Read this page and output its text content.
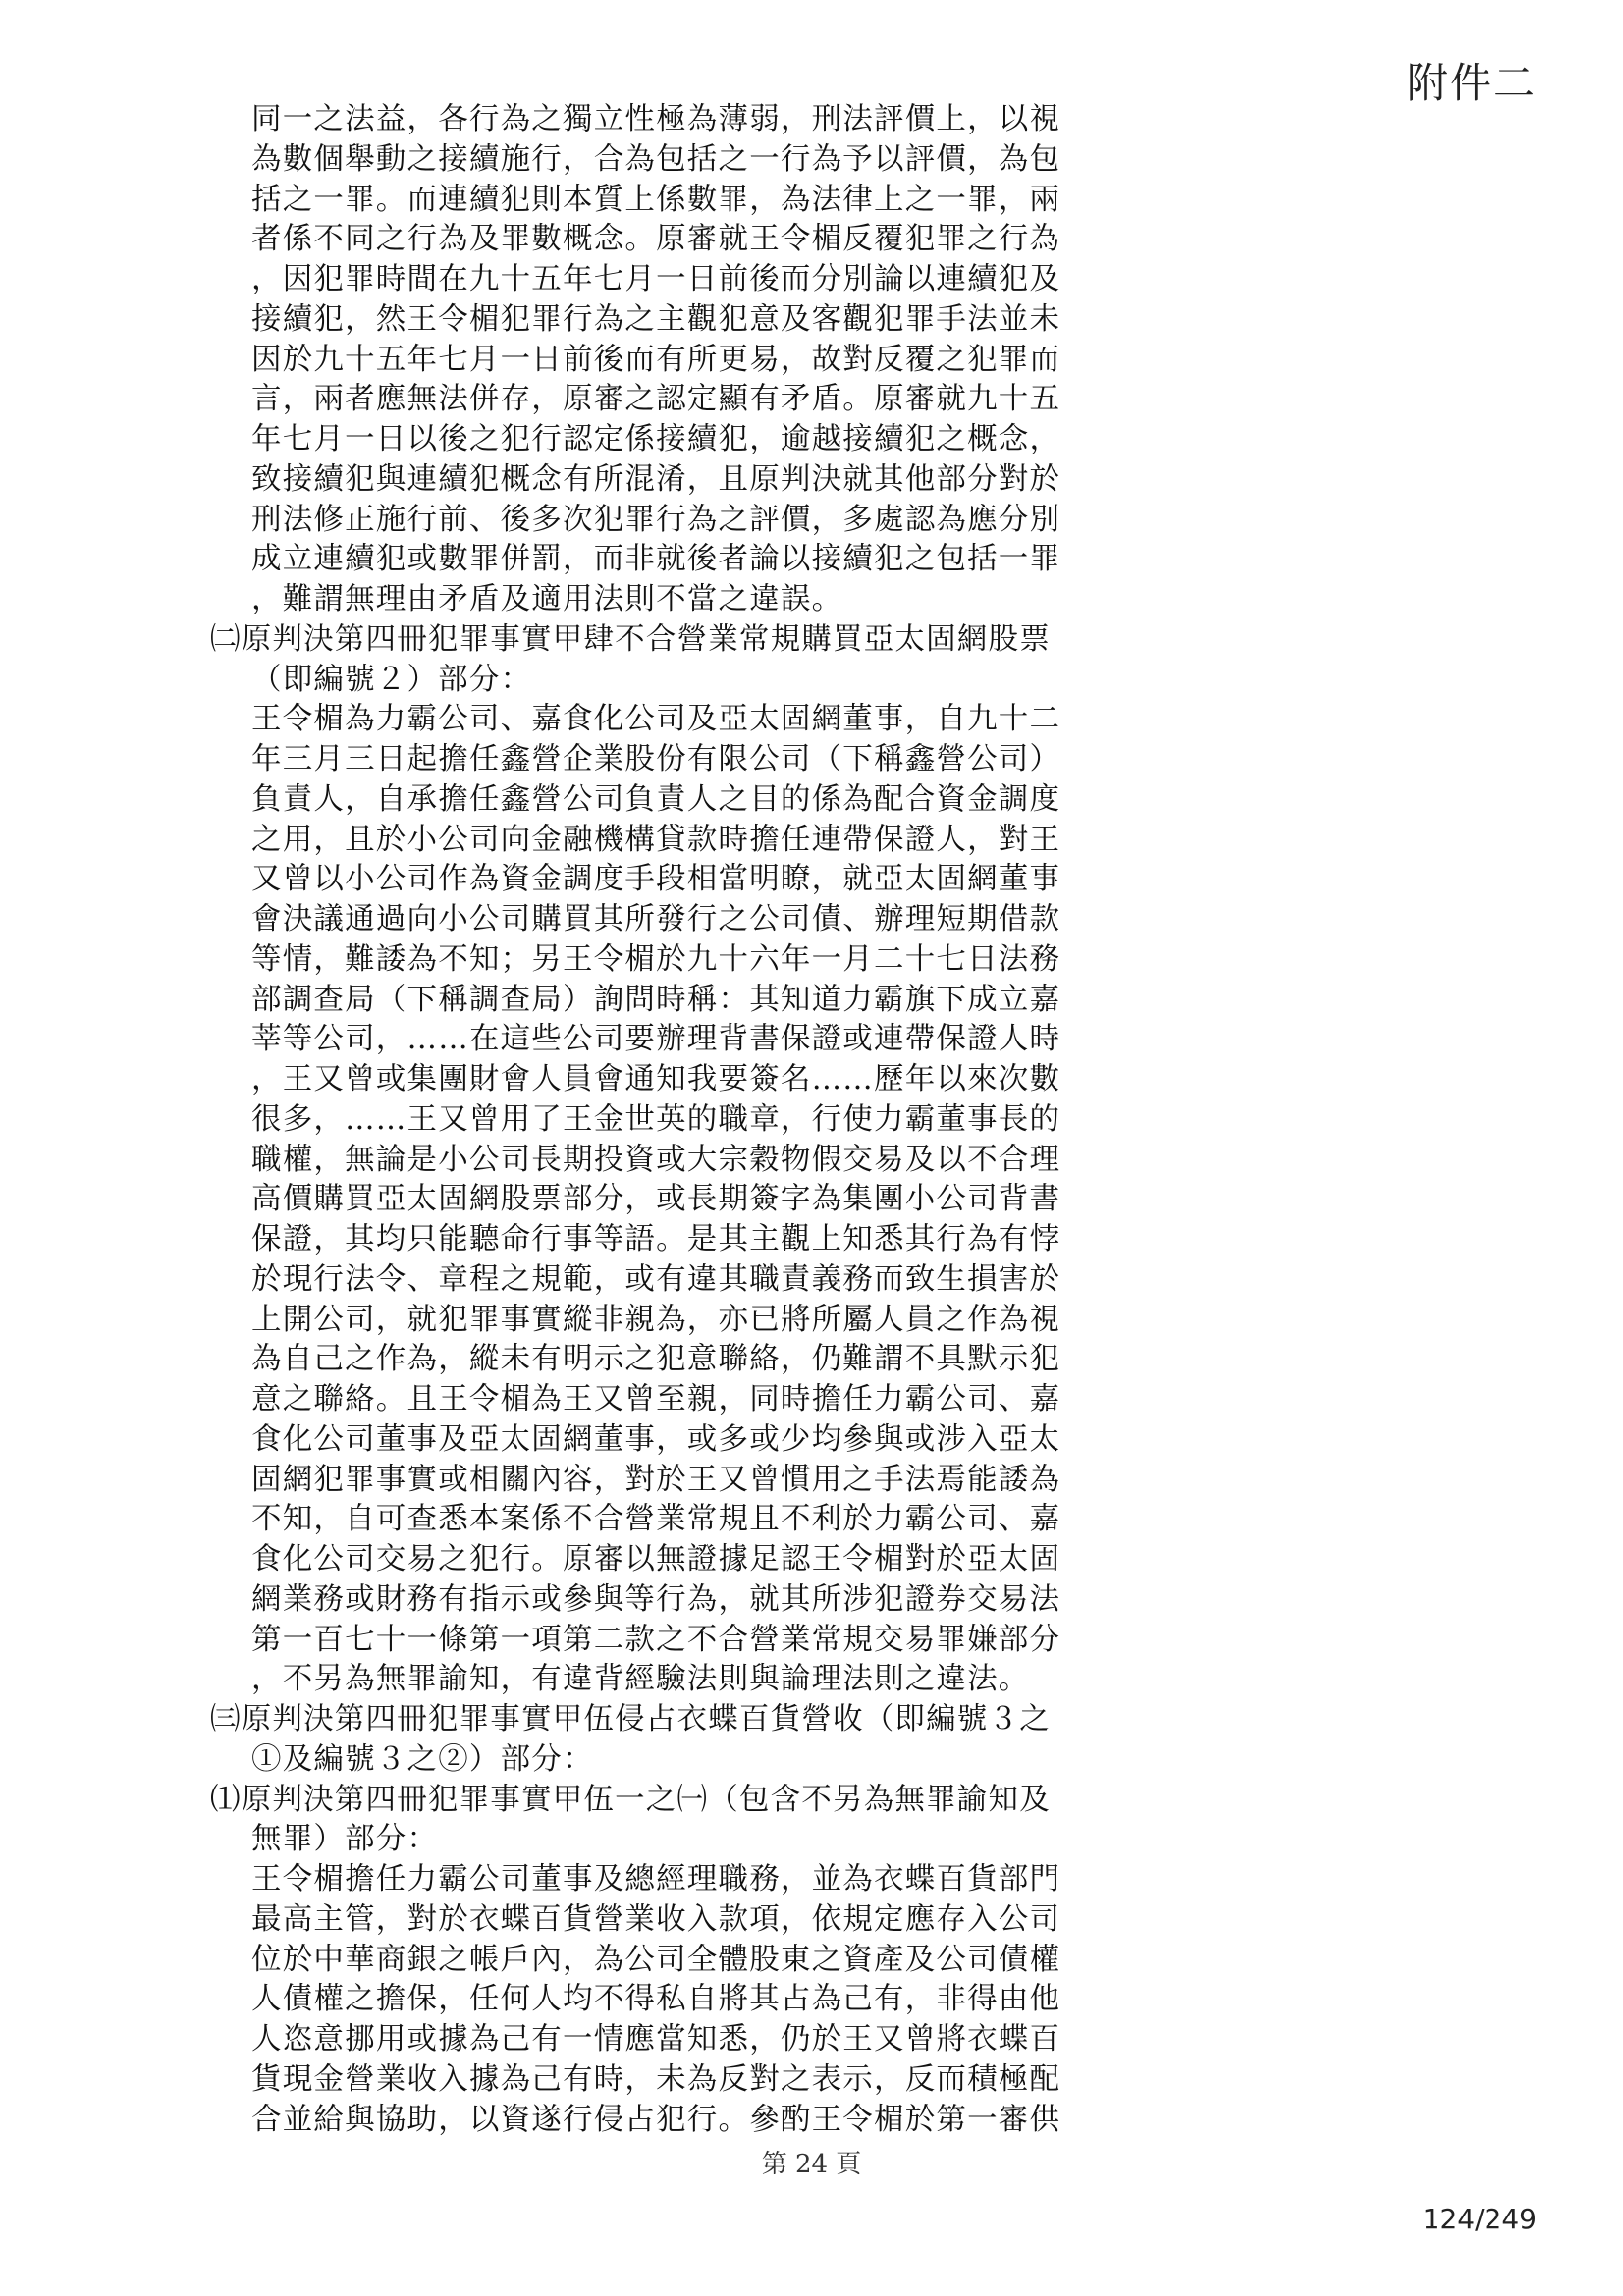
附件二
同一之法益，各行為之獨立性極為薄弱，刑法評價上，以視
為數個舉動之接續施行，合為包括之一行為予以評價，為包
括之一罪。而連續犯則本質上係數罪，為法律上之一罪，兩
者係不同之行為及罪數概念。原審就王令楣反覆犯罪之行為
，因犯罪時間在九十五年七月一日前後而分別論以連續犯及
接續犯，然王令楣犯罪行為之主觀犯意及客觀犯罪手法並未
因於九十五年七月一日前後而有所更易，故對反覆之犯罪而
言，兩者應無法併存，原審之認定顯有矛盾。原審就九十五
年七月一日以後之犯行認定係接續犯，逾越接續犯之概念，
致接續犯與連續犯概念有所混淆，且原判決就其他部分對於
刑法修正施行前、後多次犯罪行為之評價，多處認為應分別
成立連續犯或數罪併罰，而非就後者論以接續犯之包括一罪
，難謂無理由矛盾及適用法則不當之違誤。
㈡原判決第四冊犯罪事實甲肆不合營業常規購買亞太固網股票
（即編號２）部分：
王令楣為力霸公司、嘉食化公司及亞太固網董事，自九十二
年三月三日起擔任鑫營企業股份有限公司（下稱鑫營公司）
負責人，自承擔任鑫營公司負責人之目的係為配合資金調度
之用，且於小公司向金融機構貸款時擔任連帶保證人，對王
又曾以小公司作為資金調度手段相當明瞭，就亞太固網董事
會決議通過向小公司購買其所發行之公司債、辦理短期借款
等情，難諉為不知；另王令楣於九十六年一月二十七日法務
部調查局（下稱調查局）詢問時稱：其知道力霸旗下成立嘉
莘等公司，……在這些公司要辦理背書保證或連帶保證人時
，王又曾或集團財會人員會通知我要簽名……歷年以來次數
很多，……王又曾用了王金世英的職章，行使力霸董事長的
職權，無論是小公司長期投資或大宗穀物假交易及以不合理
高價購買亞太固網股票部分，或長期簽字為集團小公司背書
保證，其均只能聽命行事等語。是其主觀上知悉其行為有悖
於現行法令、章程之規範，或有違其職責義務而致生損害於
上開公司，就犯罪事實縱非親為，亦已將所屬人員之作為視
為自己之作為，縱未有明示之犯意聯絡，仍難謂不具默示犯
意之聯絡。且王令楣為王又曾至親，同時擔任力霸公司、嘉
食化公司董事及亞太固網董事，或多或少均參與或涉入亞太
固網犯罪事實或相關內容，對於王又曾慣用之手法焉能諉為
不知，自可查悉本案係不合營業常規且不利於力霸公司、嘉
食化公司交易之犯行。原審以無證據足認王令楣對於亞太固
網業務或財務有指示或參與等行為，就其所涉犯證券交易法
第一百七十一條第一項第二款之不合營業常規交易罪嫌部分
，不另為無罪諭知，有違背經驗法則與論理法則之違法。
㈢原判決第四冊犯罪事實甲伍侵占衣蝶百貨營收（即編號３之
①及編號３之②）部分：
⑴原判決第四冊犯罪事實甲伍一之㈠（包含不另為無罪諭知及
無罪）部分：
王令楣擔任力霸公司董事及總經理職務，並為衣蝶百貨部門
最高主管，對於衣蝶百貨營業收入款項，依規定應存入公司
位於中華商銀之帳戶內，為公司全體股東之資產及公司債權
人債權之擔保，任何人均不得私自將其占為己有，非得由他
人恣意挪用或據為己有一情應當知悉，仍於王又曾將衣蝶百
貨現金營業收入據為己有時，未為反對之表示，反而積極配
合並給與協助，以資遂行侵占犯行。參酌王令楣於第一審供
第 24 頁
124/249
